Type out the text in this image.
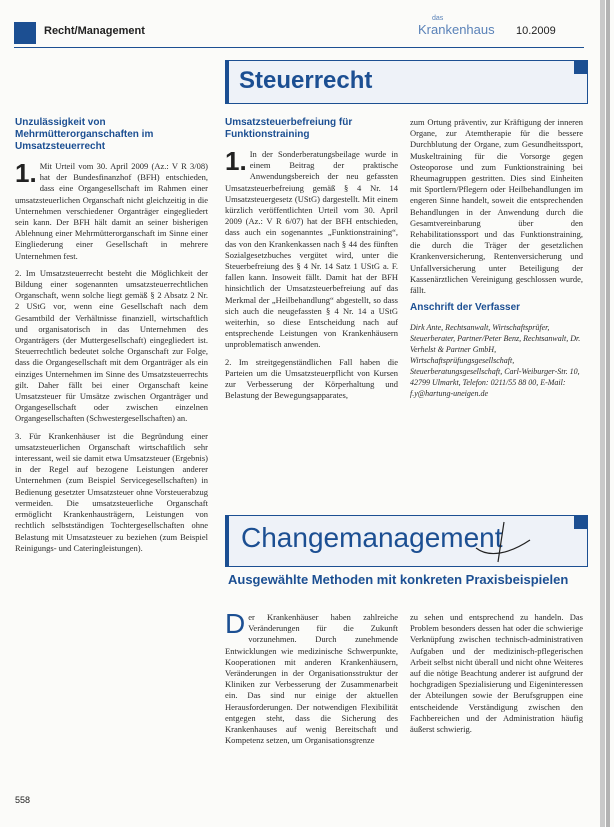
Recht/Management
das
Krankenhaus 10.2009
Steuerrecht
Unzulässigkeit von Mehrmütterorganschaften im Umsatzsteuerrecht

1. Mit Urteil vom 30. April 2009 (Az.: V R 3/08) hat der Bundesfinanzhof (BFH) entschieden, dass eine Organgesellschaft im Rahmen einer umsatzsteuerlichen Organschaft nicht gleichzeitig in die Unternehmen verschiedener Organträger eingegliedert sein kann. Der BFH hält damit an seiner bisherigen Ablehnung einer Mehrmütterorganschaft im Sinne einer Eingliederung einer Gesellschaft in mehrere Unternehmen fest.

2. Im Umsatzsteuerrecht besteht die Möglichkeit der Bildung einer sogenannten umsatzsteuerrechtlichen Organschaft, wenn solche liegt gemäß § 2 Absatz 2 Nr. 2 UStG vor, wenn eine Gesellschaft nach dem Gesamtbild der Verhältnisse finanziell, wirtschaftlich und organisatorisch in das Unternehmen des Organträgers (der Muttergesellschaft) eingegliedert ist. Steuerrechtlich bedeutet solche Organschaft zur Folge, dass die Organgesellschaft mit dem Organträger als ein einziges Unternehmen im Sinne des Umsatzsteuerrechts gilt. Daher fällt bei einer Organschaft keine Umsatzsteuer für Umsätze zwischen Organträger und Organgesellschaft oder zwischen einzelnen Organgesellschaften (Schwestergesellschaften) an.

3. Für Krankenhäuser ist die Begründung einer umsatzsteuerlichen Organschaft wirtschaftlich sehr interessant, weil sie damit etwa Umsatzsteuer (Ergebnis) in der Regel auf bezogene Leistungen anderer Unternehmen (zum Beispiel Servicegesellschaften) in Bedienung gesetzter Umsatzsteuer ohne Vorsteuerabzug vermeiden. Die umsatzsteuerliche Organschaft ermöglicht Krankenhausträgern, Leistungen von rechtlich selbstständigen Tochtergesellschaften ohne Belastung mit Umsatzsteuer zu beziehen (zum Beispiel Reinigungs- und Cateringleistungen).

Umsatzsteuerbefreiung für Funktionstraining

1. In der Sonderberatungsbeilage wurde in einem Beitrag der praktische Anwendungsbereich der neu gefassten Umsatzsteuerbefreiung gemäß § 4 Nr. 14 Umsatzsteuergesetz (UStG) dargestellt. Mit einem kürzlich veröffentlichten Urteil vom 30. April 2009 (Az.: V R 6/07) hat der BFH entschieden, dass auch ein sogenanntes „Funktionstraining“, das von den Krankenkassen nach § 44 des fünften Sozialgesetzbuches vergütet wird, unter die Steuerbefreiung des § 4 Nr. 14 Satz 1 UStG a. F. fallen kann. Insoweit fällt. Damit hat der BFH hinsichtlich der Umsatzsteuerbefreiung auf das Merkmal der „Heilbehandlung“ abgestellt, so dass sich auch die neugefassten § 4 Nr. 14 a UStG weiterhin, so diese Entscheidung nach auf entsprechende Leistungen von Krankenhäusern unproblematisch anwenden.

2. Im streitgegenständlichen Fall haben die Parteien um die Umsatzsteuerpflicht von Kursen zur Verbesserung der Körperhaltung und Belastung der Bewegungsapparates,

zum Ortung präventiv, zur Kräftigung der inneren Organe, zur Atemtherapie für die bessere Durchblutung der Organe, zum Gesundheitssport, Muskeltraining für die Vorsorge gegen Osteoporose und zum Funktionstraining bei Rheumagruppen gestritten. Dies sind Einheiten mit Sportlern/Pflegern oder Heilbehandlungen im engeren Sinne handelt, soweit die entsprechenden Behandlungen in der Anwendung durch die Gesamtvereinbarung über den Rehabilitationssport und das Funktionstraining, die durch die Träger der gesetzlichen Krankenversicherung, Rentenversicherung und Unfallversicherung unter Beteiligung der Kassenärztlichen Vereinigung geschlossen wurde, fällt.

Anschrift der Verfasser

Dirk Ante, Rechtsanwalt, Wirtschaftsprüfer, Steuerberater, Partner/Peter Benz, Rechtsanwalt, Dr. Verhelst & Partner GmbH, Wirtschaftsprüfungsgesellschaft, Steuerberatungsgesellschaft, Carl-Weiburger-Str. 10, 42799 Ulmarkt, Telefon: 0211/55 88 00, E-Mail: f.y@hartung-uneigen.de

Changemanagement
Ausgewählte Methoden mit konkreten Praxisbeispielen

Der Krankenhäuser haben zahlreiche Veränderungen für die Zukunft vorzunehmen. Durch zunehmende Entwicklungen wie medizinische Schwerpunkte, Kooperationen mit anderen Krankenhäusern, Veränderungen in der Organisationsstruktur der Kliniken zur Verbesserung der Zusammenarbeit ein. Das sind nur einige der aktuellen Herausforderungen. Der notwendigen Flexibilität entgegen steht, dass die Sicherung des Krankenhauses auf wenig Bereitschaft und Kompetenz setzen, um Organisationsgrenze

zu sehen und entsprechend zu handeln. Das Problem besonders dessen hat oder die schwierige Verknüpfung zwischen technisch-administrativen Aufgaben und der medizinisch-pflegerischen Arbeit selbst nicht überall und nicht ohne Weiteres auf die nötige Beachtung anderer ist aufgrund der hochgradigen Spezialisierung und Eigeninteressen der Abteilungen sowie der Berufsgruppen eine entscheidende Verständigung zwischen den Fachbereichen und der Administration häufig äußerst schwierig.

558
